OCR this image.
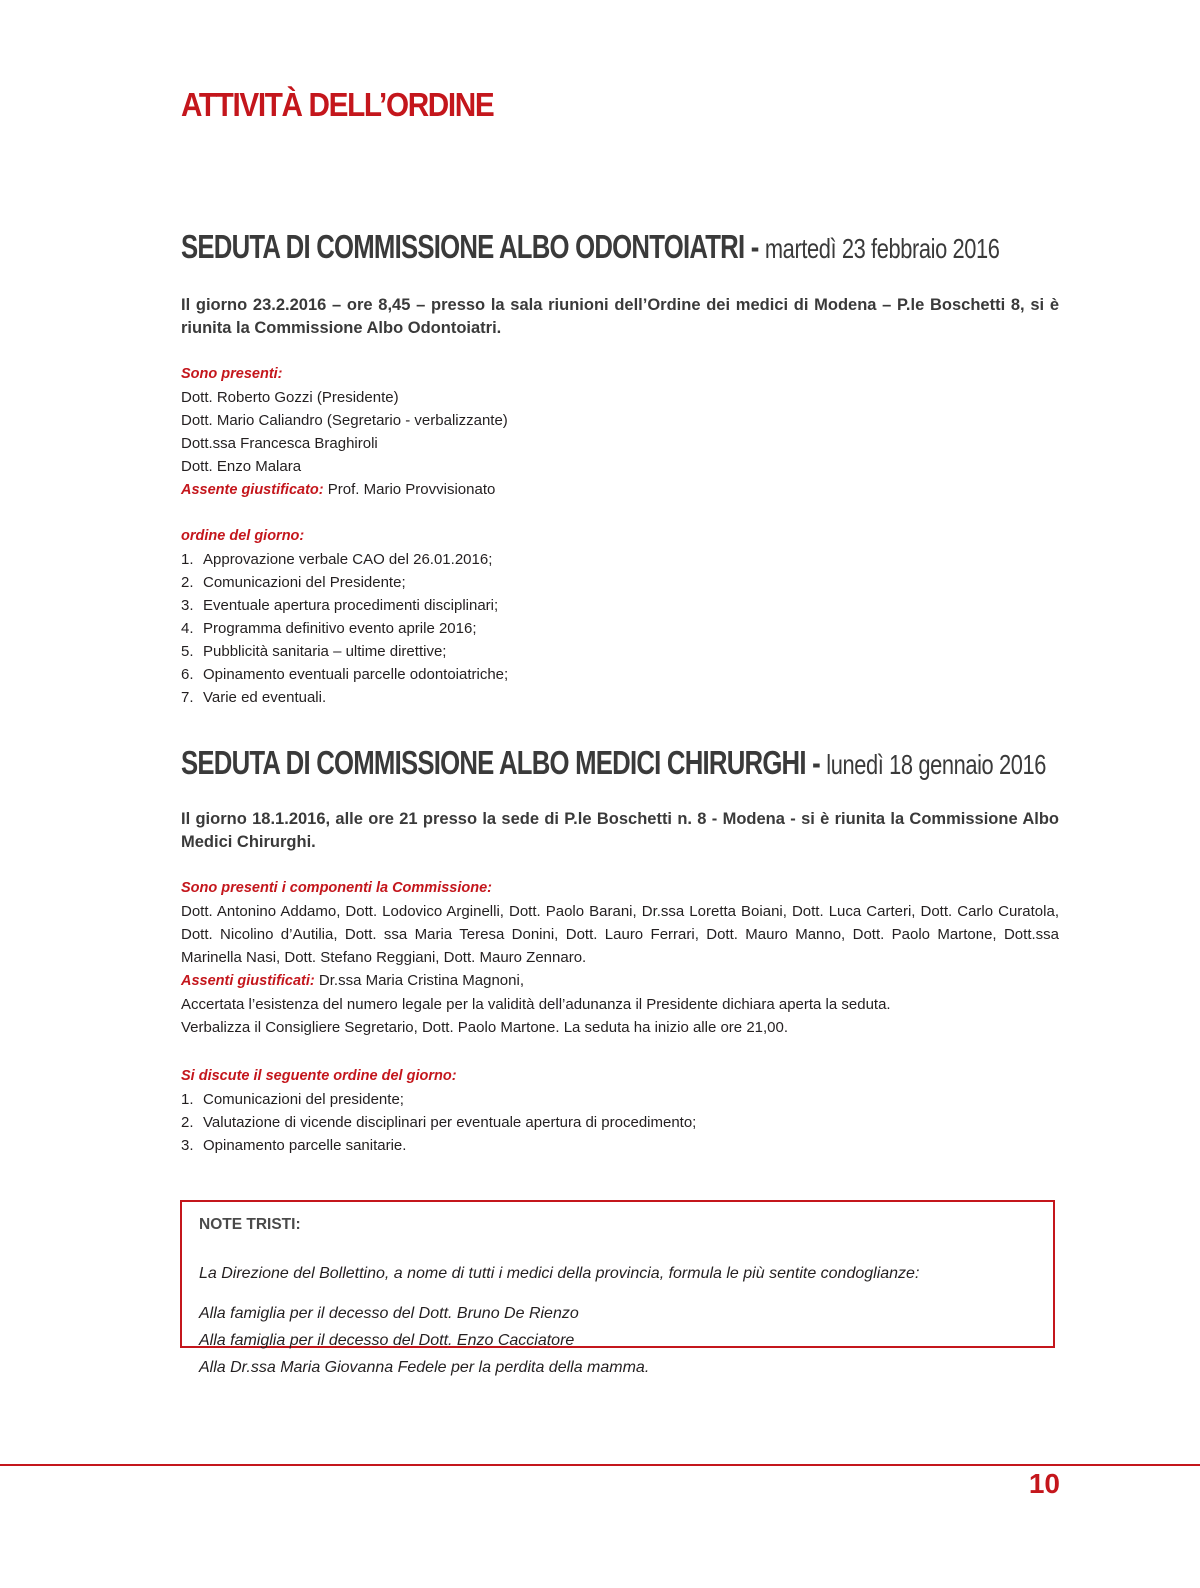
ATTIVITÀ DELL’ORDINE
SEDUTA DI COMMISSIONE ALBO ODONTOIATRI - martedì 23 febbraio 2016
Il giorno 23.2.2016 – ore 8,45 – presso la sala riunioni dell’Ordine dei medici di Modena – P.le Boschetti 8, si è riunita la Commissione Albo Odontoiatri.
Sono presenti:
Dott. Roberto Gozzi (Presidente)
Dott. Mario Caliandro (Segretario - verbalizzante)
Dott.ssa Francesca Braghiroli
Dott. Enzo Malara
Assente giustificato: Prof. Mario Provvisionato
ordine del giorno:
1. Approvazione verbale CAO del 26.01.2016;
2. Comunicazioni del Presidente;
3. Eventuale apertura procedimenti disciplinari;
4. Programma definitivo evento aprile 2016;
5. Pubblicità sanitaria – ultime direttive;
6. Opinamento eventuali parcelle odontoiatriche;
7. Varie ed eventuali.
SEDUTA DI COMMISSIONE ALBO MEDICI CHIRURGHI - lunedì 18 gennaio 2016
Il giorno 18.1.2016, alle ore 21 presso la sede di P.le Boschetti n. 8 - Modena - si è riunita la Commissione Albo Medici Chirurghi.
Sono presenti i componenti la Commissione:
Dott. Antonino Addamo, Dott. Lodovico Arginelli, Dott. Paolo Barani, Dr.ssa Loretta Boiani, Dott. Luca Carteri, Dott. Carlo Curatola, Dott. Nicolino d’Autilia, Dott. ssa Maria Teresa Donini, Dott. Lauro Ferrari, Dott. Mauro Manno, Dott. Paolo Martone, Dott.ssa Marinella Nasi, Dott. Stefano Reggiani, Dott. Mauro Zennaro.
Assenti giustificati: Dr.ssa Maria Cristina Magnoni,
Accertata l’esistenza del numero legale per la validità dell’adunanza il Presidente dichiara aperta la seduta.
Verbalizza il Consigliere Segretario, Dott. Paolo Martone. La seduta ha inizio alle ore 21,00.
Si discute il seguente ordine del giorno:
1. Comunicazioni del presidente;
2. Valutazione di vicende disciplinari per eventuale apertura di procedimento;
3. Opinamento parcelle sanitarie.
NOTE TRISTI:
La Direzione del Bollettino, a nome di tutti i medici della provincia, formula le più sentite condoglianze:
Alla famiglia per il decesso del Dott. Bruno De Rienzo
Alla famiglia per il decesso del Dott. Enzo Cacciatore
Alla Dr.ssa Maria Giovanna Fedele per la perdita della mamma.
10
